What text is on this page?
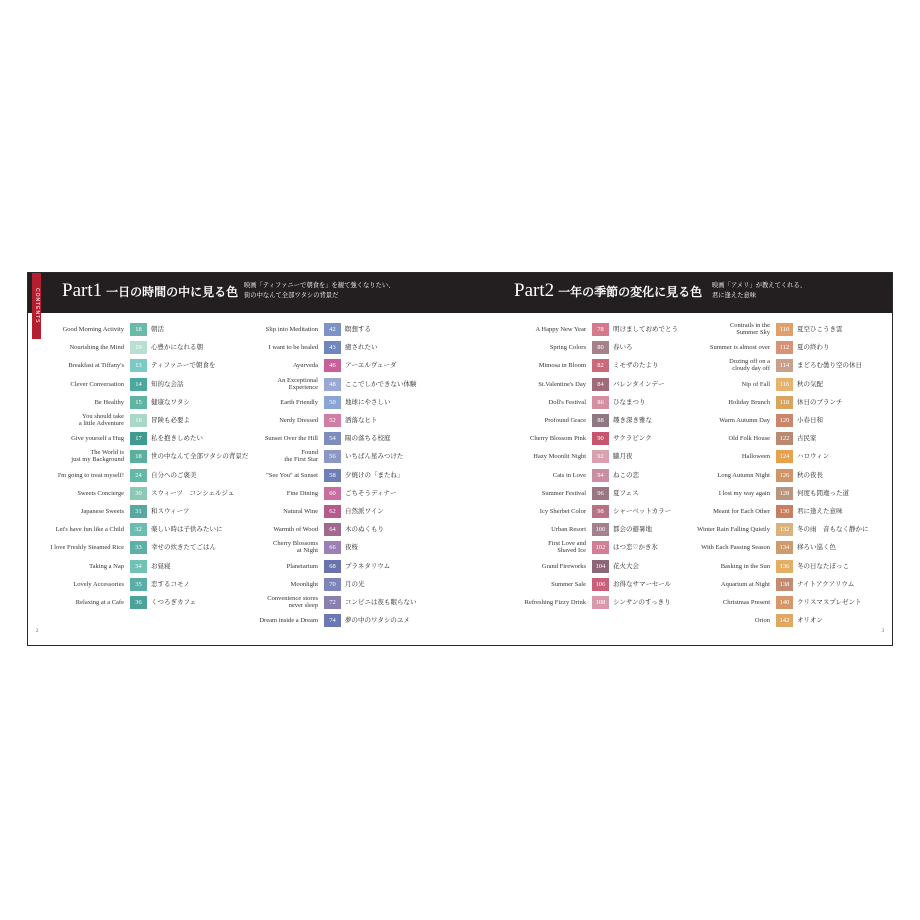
CONTENTS Part1 一日の時間の中に見る色 映画「ティファニーで朝食を」を観て強くなりたい、
街の中なんて全部ワタシの背景だ	Part2 一年の季節の変化に見る色 映画「アメリ」が教えてくれる、
君に逢えた意味
Good Morning Activity	18	朝活
Nourishing the Mind	19	心豊かになれる朝
Breakfast at Tiffany's	13	ティファニーで朝食を
Clever Conversation	14	知的な会話
Be Healthy	15	健康なワタシ
You should take
a little Adventure	16	冒険も必要よ
Give yourself a Hug	17	私を抱きしめたい
The World is
just my Background	18	世の中なんて全部ワタシの背景だ
I'm going to treat myself!	24	自分へのご褒美
Sweets Concierge	30	スウィーツ　コンシェルジュ
Japanese Sweets	31	和スウィーツ
Let's have fun like a Child	32	楽しい時は子供みたいに
I love Freshly Steamed Rice	33	幸せの炊きたてごはん
Taking a Nap	34	お昼寝
Lovely Accessories	35	恋するコモノ
Relaxing at a Cafe	36	くつろぎカフェ
Slip into Meditation	42	瞑想する
I want to be healed	43	癒されたい
Ayurveda	46	アーユルヴェーダ
An Exceptional
Experience	48	ここでしかできない体験
Earth Friendly	50	地球にやさしい
Nerdy Dressed	52	洒落なヒト
Sunset Over the Hill	54	陽の落ちる校庭
Found
the First Star	56	いちばん星みつけた
"See You" at Sunset	58	夕焼けの「またね」
Fine Dining	60	ごちそうディナー
Natural Wine	62	自然派ワイン
Warmth of Wood	64	木のぬくもり
Cherry Blossoms
at Night	66	夜桜
Planetarium	68	プラネタリウム
Moonlight	70	月の光
Convenience stores
never sleep	72	コンビニは夜も眠らない
Dream inside a Dream	74	夢の中のワタシのユメ
A Happy New Year	78	明けましておめでとう
Spring Colors	80	春いろ
Mimosa in Bloom	82	ミモザのたより
St.Valentine's Day	84	バレンタインデー
Doll's Festival	86	ひなまつり
Profound Grace	88	趣き深き雅な
Cherry Blossom Pink	90	サクラピンク
Hazy Moonlit Night	92	朧月夜
Cats in Love	94	ねこの恋
Summer Festival	96	夏フェス
Icy Sherbet Color	98	シャーベットカラー
Urban Resort	100	都会の避暑地
First Love and
Shaved Ice	102	はつ恋♡かき氷
Grand Fireworks	104	花火大会
Summer Sale	106	お得なサマーセール
Refreshing Fizzy Drink	108	シンサンのすっきり
Contrails in the
Summer Sky	110	夏空ひこうき雲
Summer is almost over	112	夏の終わり
Dozing off on a
cloudy day off	114	まどろむ曇り空の休日
Nip of Fall	116	秋の気配
Holiday Brunch	118	休日のブランチ
Warm Autumn Day	120	小春日和
Old Folk House	122	古民家
Halloween	124	ハロウィン
Long Autumn Night	126	秋の夜長
I lost my way again	128	何度も間違った道
Meant for Each Other	130	君に逢えた意味
Winter Rain Falling Quietly	132	冬の雨　音もなく静かに
With Each Passing Season	134	移ろい巡く色
Basking in the Sun	136	冬の日なたぼっこ
Aquarium at Night	138	ナイトアクアリウム
Christmas Present	140	クリスマスプレゼント
Orion	142	オリオン
2	3
